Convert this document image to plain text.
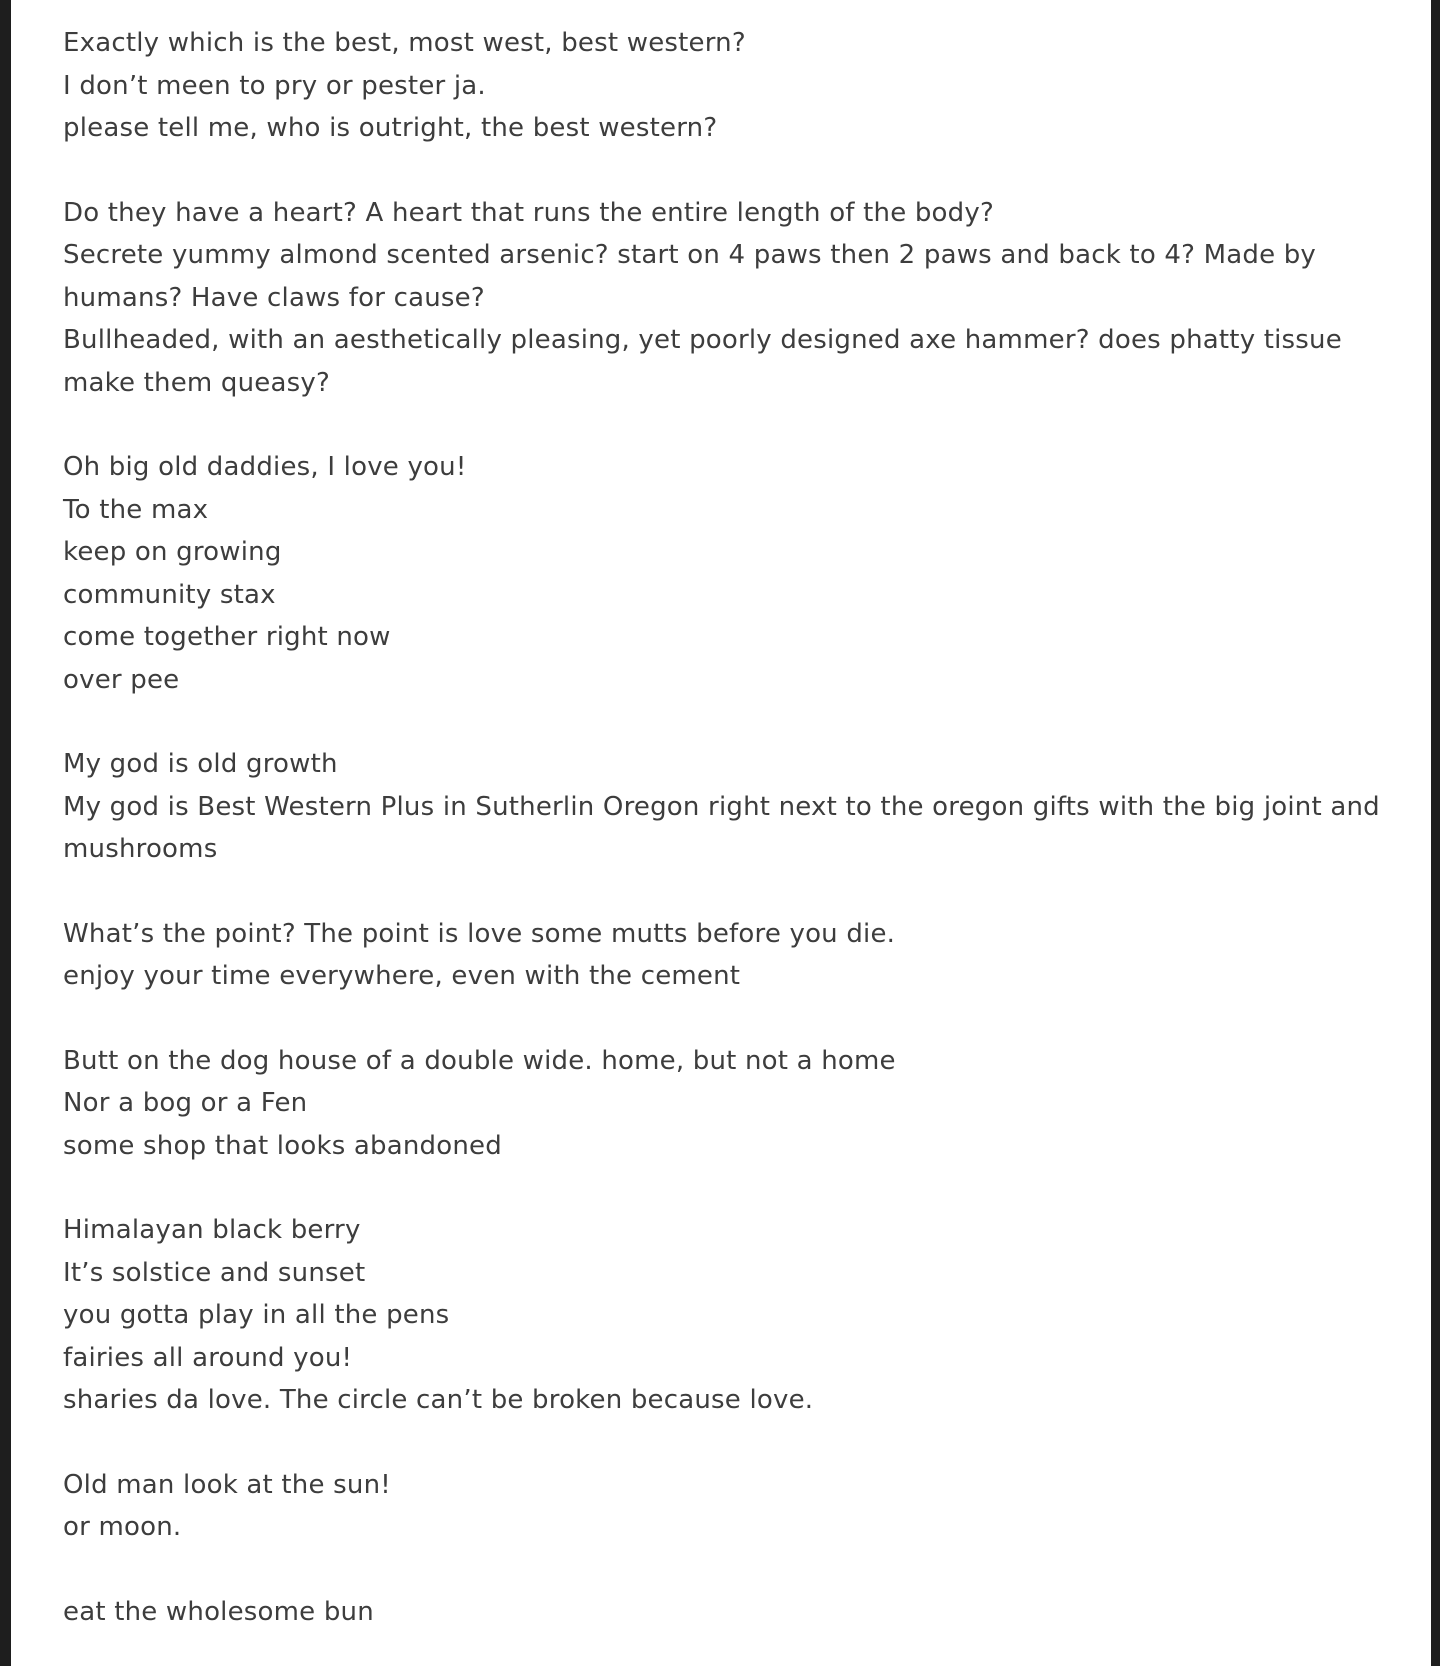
Exactly which is the best, most west, best western?
I don’t meen to pry or pester ja.
please tell me, who is outright, the best western?
Do they have a heart? A heart that runs the entire length of the body?
Secrete yummy almond scented arsenic? start on 4 paws then 2 paws and back to 4? Made by
humans? Have claws for cause?
Bullheaded, with an aesthetically pleasing, yet poorly designed axe hammer? does phatty tissue
make them queasy?
Oh big old daddies, I love you!
To the max
keep on growing
community stax
come together right now
over pee
My god is old growth
My god is Best Western Plus in Sutherlin Oregon right next to the oregon gifts with the big joint and
mushrooms
What’s the point? The point is love some mutts before you die.
enjoy your time everywhere, even with the cement
Butt on the dog house of a double wide. home, but not a home
Nor a bog or a Fen
some shop that looks abandoned
Himalayan black berry
It’s solstice and sunset
you gotta play in all the pens
fairies all around you!
sharies da love. The circle can’t be broken because love.
Old man look at the sun!
or moon.
eat the wholesome bun
